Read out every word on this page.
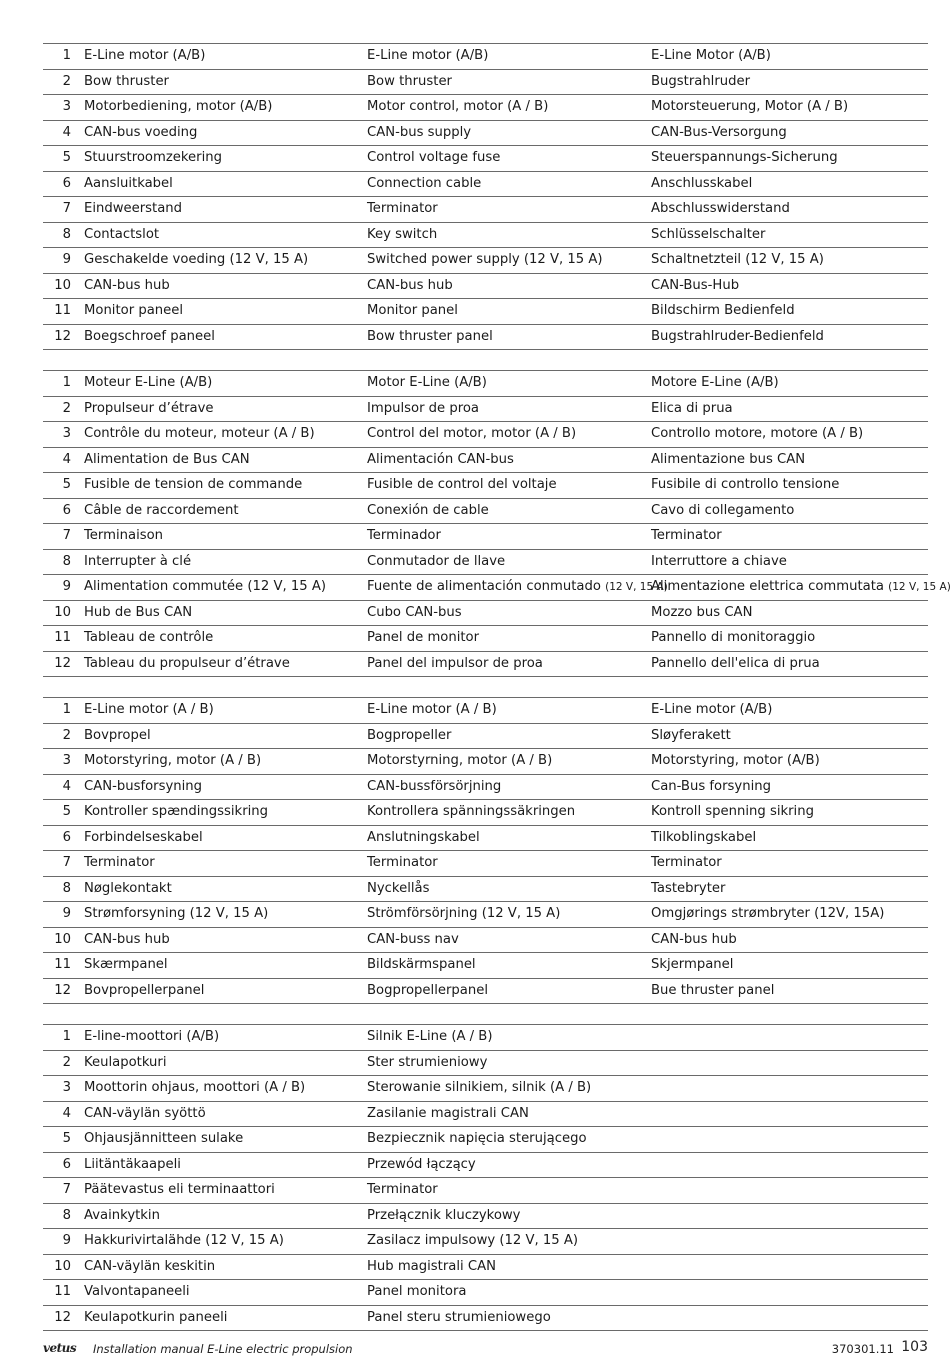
1	E-Line motor (A/B)	E-Line motor (A/B)	E-Line Motor (A/B)
2	Bow thruster	Bow thruster	Bugstrahlruder
3	Motorbediening, motor (A/B)	Motor control, motor (A / B)	Motorsteuerung, Motor (A / B)
4	CAN-bus voeding	CAN-bus supply	CAN-Bus-Versorgung
5	Stuurstroomzekering	Control voltage fuse	Steuerspannungs-Sicherung
6	Aansluitkabel	Connection cable	Anschlusskabel
7	Eindweerstand	Terminator	Abschlusswiderstand
8	Contactslot	Key switch	Schlüsselschalter
9	Geschakelde voeding (12 V, 15 A)	Switched power supply (12 V, 15 A)	Schaltnetzteil (12 V, 15 A)
10	CAN-bus hub	CAN-bus hub	CAN-Bus-Hub
11	Monitor paneel	Monitor panel	Bildschirm Bedienfeld
12	Boegschroef paneel	Bow thruster panel	Bugstrahlruder-Bedienfeld
1	Moteur E-Line (A/B)	Motor E-Line (A/B)	Motore E-Line (A/B)
2	Propulseur d’étrave	Impulsor de proa	Elica di prua
3	Contrôle du moteur, moteur (A / B)	Control del motor, motor (A / B)	Controllo motore, motore (A / B)
4	Alimentation de Bus CAN	Alimentación CAN-bus	Alimentazione bus CAN
5	Fusible de tension de commande	Fusible de control del voltaje	Fusibile di controllo tensione
6	Câble de raccordement	Conexión de cable	Cavo di collegamento
7	Terminaison	Terminador	Terminator
8	Interrupter à clé	Conmutador de llave	Interruttore a chiave
9	Alimentation commutée (12 V, 15 A)	Fuente de alimentación conmutado (12 V, 15 A)	Alimentazione elettrica commutata (12 V, 15 A)
10	Hub de Bus CAN	Cubo CAN-bus	Mozzo bus CAN
11	Tableau de contrôle	Panel de monitor	Pannello di monitoraggio
12	Tableau du propulseur d’étrave	Panel del impulsor de proa	Pannello dell'elica di prua
1	E-Line motor (A / B)	E-Line motor (A / B)	E-Line motor (A/B)
2	Bovpropel	Bogpropeller	Sløyferakett
3	Motorstyring, motor (A / B)	Motorstyrning, motor (A / B)	Motorstyring, motor (A/B)
4	CAN-busforsyning	CAN-bussförsörjning	Can-Bus forsyning
5	Kontroller spændingssikring	Kontrollera spänningssäkringen	Kontroll spenning sikring
6	Forbindelseskabel	Anslutningskabel	Tilkoblingskabel
7	Terminator	Terminator	Terminator
8	Nøglekontakt	Nyckellås	Tastebryter
9	Strømforsyning (12 V, 15 A)	Strömförsörjning (12 V, 15 A)	Omgjørings strømbryter (12V, 15A)
10	CAN-bus hub	CAN-buss nav	CAN-bus hub
11	Skærmpanel	Bildskärmspanel	Skjermpanel
12	Bovpropellerpanel	Bogpropellerpanel	Bue thruster panel
1	E-line-moottori (A/B)	Silnik E-Line (A / B)	
2	Keulapotkuri	Ster strumieniowy	
3	Moottorin ohjaus, moottori (A / B)	Sterowanie silnikiem, silnik (A / B)	
4	CAN-väylän syöttö	Zasilanie magistrali CAN	
5	Ohjausjännitteen sulake	Bezpiecznik napięcia sterującego	
6	Liitäntäkaapeli	Przewód łączący	
7	Päätevastus eli terminaattori	Terminator	
8	Avainkytkin	Przełącznik kluczykowy	
9	Hakkurivirtalähde (12 V, 15 A)	Zasilacz impulsowy (12 V, 15 A)	
10	CAN-väylän keskitin	Hub magistrali CAN	
11	Valvontapaneeli	Panel monitora	
12	Keulapotkurin paneeli	Panel steru strumieniowego	
vetus Installation manual E-Line electric propulsion	370301.11 103
